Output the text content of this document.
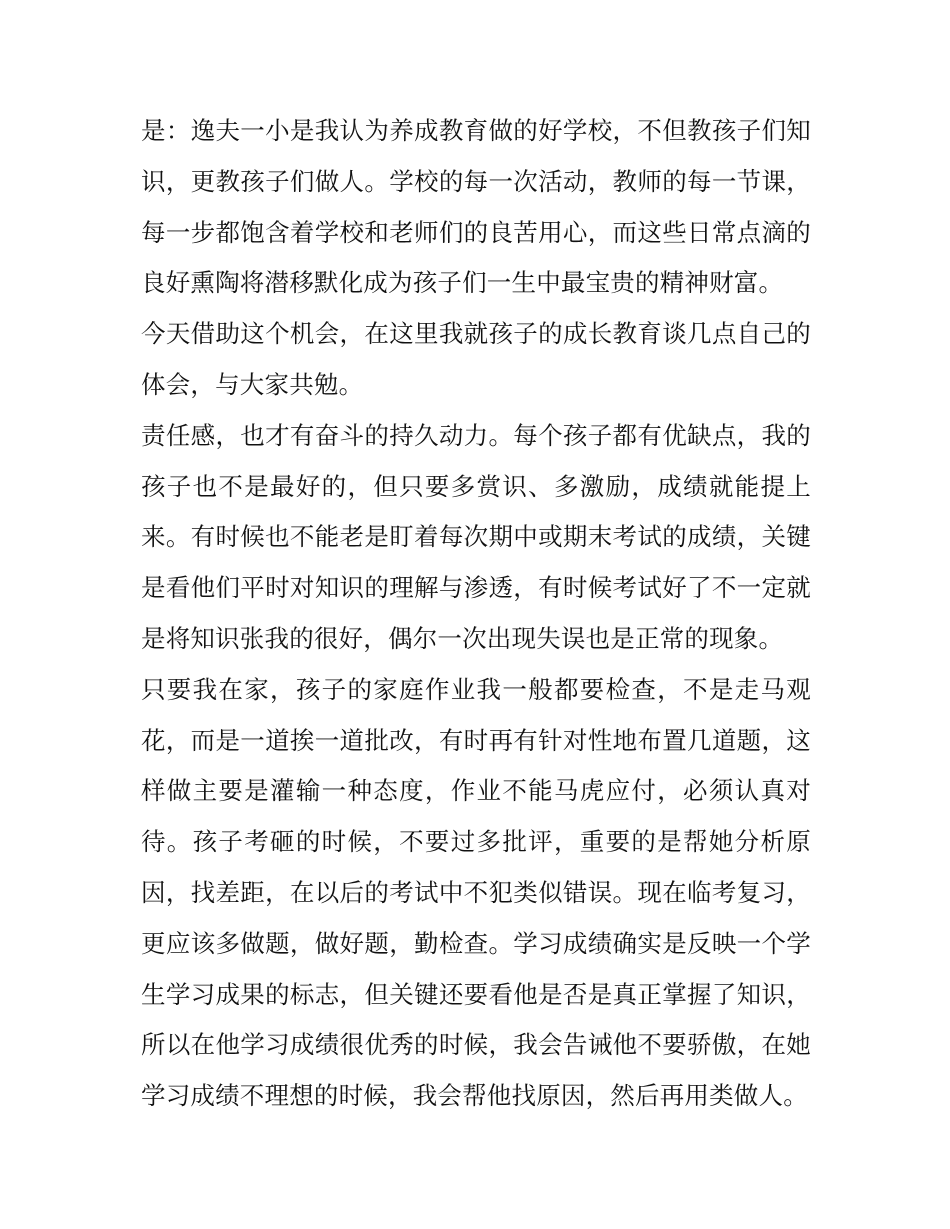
是：逸夫一小是我认为养成教育做的好学校，不但教孩子们知识，更教孩子们做人。学校的每一次活动，教师的每一节课，每一步都饱含着学校和老师们的良苦用心，而这些日常点滴的良好熏陶将潜移默化成为孩子们一生中最宝贵的精神财富。

今天借助这个机会，在这里我就孩子的成长教育谈几点自己的体会，与大家共勉。

责任感，也才有奋斗的持久动力。每个孩子都有优缺点，我的孩子也不是最好的，但只要多赏识、多激励，成绩就能提上来。有时候也不能老是盯着每次期中或期末考试的成绩，关键是看他们平时对知识的理解与渗透，有时候考试好了不一定就是将知识张我的很好，偶尔一次出现失误也是正常的现象。

只要我在家，孩子的家庭作业我一般都要检查，不是走马观花，而是一道挨一道批改，有时再有针对性地布置几道题，这样做主要是灌输一种态度，作业不能马虎应付，必须认真对待。孩子考砸的时候，不要过多批评，重要的是帮她分析原因，找差距，在以后的考试中不犯类似错误。现在临考复习，更应该多做题，做好题，勤检查。学习成绩确实是反映一个学生学习成果的标志，但关键还要看他是否是真正掌握了知识，所以在他学习成绩很优秀的时候，我会告诫他不要骄傲，在她学习成绩不理想的时候，我会帮他找原因，然后再用类做人。
